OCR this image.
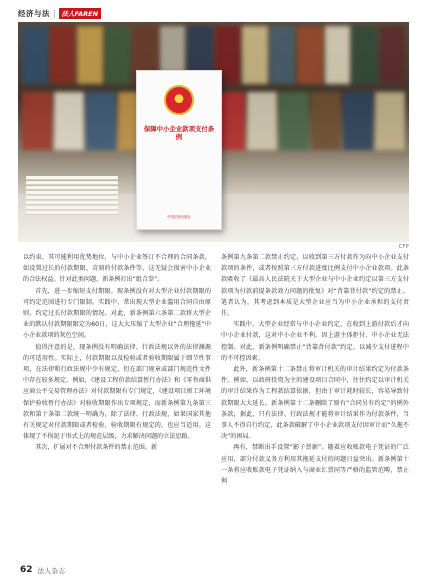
经济与法 | 法人FAREN
保障中小企业款项支付条例
中国法制出版社
CFP

以约束，其可能利用优势地位，与中小企业签订不合理的合同条款，如设置过长的付款期限、苛刻的付款条件等，这无疑会损害中小企业的合法权益。针对此类问题，新条例打出“组合拳”。

首先，进一步缩短支付期限。现条例没有对大型企业付款期限的可约定范围进行专门限制。实践中，常出现大型企业滥用合同自由原则，约定过长付款期限的情况。对此，新条例第六条第二款将大型企业的默认付款期限限定为60日，这大大压缩了大型企业“合理拖延”中小企业款项的灰色空间。

值得注意的是，现条例没有明确法律、行政法规以外的法律渊源的可适用性。实际上，付款期限以及检验或者验收期限属于细节性事项，在法律和行政法规中少有规定，但在部门规章或部门规范性文件中存在较多规定。例如，《建设工程价款结算暂行办法》和《零售商供应商公平交易管理办法》对付款期限有专门规定，《建设项目竣工环境保护验收暂行办法》对验收期限作出专项规定，而新条例第九条第三款和第十条第二款统一明确为，除了法律、行政法规，如果国家其他有关规定对付款期限或者检验、验收期限有规定的，也应当适用。这体现了不拘泥于形式上的规范层级，力求解决问题的立法思路。

其次，扩展对不合理付款条件的禁止范围。新

条例第九条第二款禁止约定，以收到第三方付款作为向中小企业支付款项的条件，或者按照第三方付款进度比例支付中小企业款项。此条款吸收了《最高人民法院关于大型企业与中小企业约定以第三方支付款项为付款前提条款效力问题的批复》对“背靠背付款”约定的禁止。笔者认为，其考虑到本质是大型企业应当为中小企业承担的支付责任。

实践中，大型企业经常与中小企业约定，在收到上游付款后才向中小企业付款，这对中小企业不利。因上游主体拒付，中小企业无法控制。对此，新条例明确禁止“背靠背付款”约定，以减少支付进程中的不可控因素。

此外，新条例第十二条禁止将审计机关的审计结果约定为付款条件。例如，以政府投资为主的建设项目合同中，往往约定以审计机关的审计结果作为工程款结算依据，但由于审计耗时较长，容易导致付款期限大大延长。新条例第十二条删除了原有“合同另有约定”的例外条款，据此，只有法律、行政法规才能将审计结果作为付款条件，当事人不得自行约定，此条款破解了中小企业款项支付因审计而“久拖不决”的困局。

再有，禁断出手设置“影子票据”。随着应收账款电子凭证的广泛应用，部分付款义务方利用其拖延支付的问题日益突出。新条例第十一条将应收账款电子凭证纳入与商业汇票同等严格的监管范畴，禁止利

62 法人杂志
